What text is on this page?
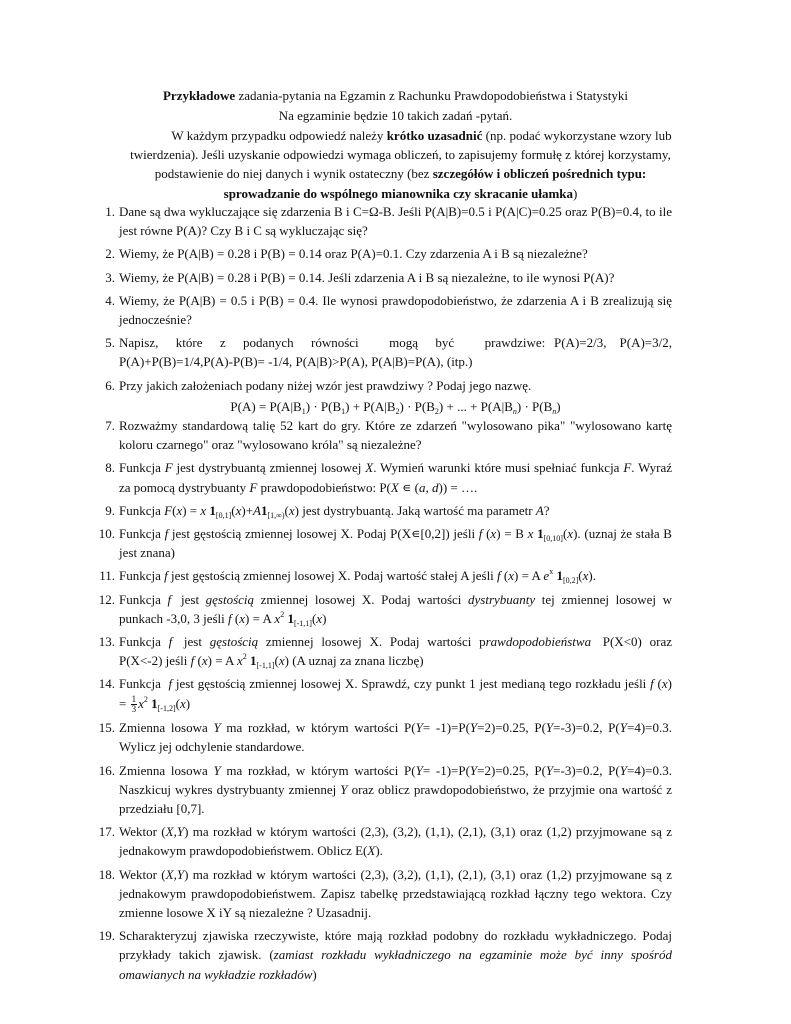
Przykładowe zadania-pytania na Egzamin z Rachunku Prawdopodobieństwa i Statystyki
Na egzaminie będzie 10 takich zadań -pytań.
W każdym przypadku odpowiedź należy krótko uzasadnić (np. podać wykorzystane wzory lub twierdzenia). Jeśli uzyskanie odpowiedzi wymaga obliczeń, to zapisujemy formułę z której korzystamy, podstawienie do niej danych i wynik ostateczny (bez szczegółów i obliczeń pośrednich typu: sprowadzanie do wspólnego mianownika czy skracanie ułamka)
1. Dane są dwa wykluczające się zdarzenia B i C=Ω-B. Jeśli P(A|B)=0.5 i P(A|C)=0.25 oraz P(B)=0.4, to ile jest równe P(A)? Czy B i C są wykluczając się?
2. Wiemy, że P(A|B) = 0.28 i P(B) = 0.14 oraz P(A)=0.1. Czy zdarzenia A i B są niezależne?
3. Wiemy, że P(A|B) = 0.28 i P(B) = 0.14. Jeśli zdarzenia A i B są niezależne, to ile wynosi P(A)?
4. Wiemy, że P(A|B) = 0.5 i P(B) = 0.4. Ile wynosi prawdopodobieństwo, że zdarzenia A i B zrealizują się jednocześnie?
5. Napisz,    które    z    podanych    równości       mogą    być       prawdziwe:  P(A)=2/3,   P(A)=3/2, P(A)+P(B)=1/4,P(A)-P(B)= -1/4, P(A|B)>P(A), P(A|B)=P(A), (itp.)
6. Przy jakich założeniach podany niżej wzór jest prawdziwy ? Podaj jego nazwę.
$P(A) = P(A|B_1) \cdot P(B_1) + P(A|B_2) \cdot P(B_2)$ + ... + $P(A|B_n) \cdot P(B_n)$
7. Rozważmy standardową talię 52 kart do gry. Które ze zdarzeń "wylosowano pika" "wylosowano kartę koloru czarnego" oraz "wylosowano króla" są niezależne?
8. Funkcja F jest dystrybuantą zmiennej losowej X. Wymień warunki które musi spełniać funkcja F. Wyraź za pomocą dystrybuanty F prawdopodobieństwo: P(X ∊ (a, d)) = ….
9. Funkcja F(x) = x $1_{[0,1]}(x)+A1_{[1,\infty)}(x)$ jest dystrybuantą. Jaką wartość ma parametr A?
10. Funkcja f jest gęstością zmiennej losowej X. Podaj P(X∊[0,2]) jeśli f (x) = B x $1_{[0,10]}(x)$. (uznaj że stała B jest znana)
11. Funkcja f jest gęstością zmiennej losowej X. Podaj wartość stałej A jeśli f (x) = A $e^x$ $1_{[0,2]}(x)$.
12. Funkcja  f   jest  gęstością  zmiennej  losowej  X.  Podaj  wartości  dystrybuanty  tej  zmiennej  losowej  w punkach -3,0, 3 jeśli f (x) = A $x^2$ $1_{[-1,1]}(x)$
13. Funkcja  f   jest  gęstością  zmiennej  losowej  X.  Podaj  wartości  prawdopodobieństwa   P(X<0)  oraz P(X<-2) jeśli f (x) = A $x^2$ $1_{[-1,1]}(x)$ (A uznaj za znana liczbę)
14. Funkcja  f jest gęstością zmiennej losowej X. Sprawdź, czy punkt 1 jest medianą tego rozkładu jeśli f $(x) = \frac{1}{3} x^2$ $1_{[-1,2]}(x)$
15. Zmienna losowa Y ma rozkład, w którym wartości P(Y= -1)=P(Y=2)=0.25, P(Y=-3)=0.2, P(Y=4)=0.3. Wylicz jej odchylenie standardowe.
16. Zmienna losowa Y ma rozkład, w którym wartości P(Y= -1)=P(Y=2)=0.25, P(Y=-3)=0.2, P(Y=4)=0.3. Naszkicuj wykres dystrybuanty zmiennej Y oraz oblicz prawdopodobieństwo, że przyjmie ona wartość z przedziału [0,7].
17. Wektor (X,Y) ma rozkład w którym wartości (2,3), (3,2), (1,1), (2,1), (3,1) oraz (1,2) przyjmowane są z jednakowym prawdopodobieństwem. Oblicz E(X).
18. Wektor (X,Y) ma rozkład w którym wartości (2,3), (3,2), (1,1), (2,1), (3,1) oraz (1,2) przyjmowane są z jednakowym prawdopodobieństwem. Zapisz tabelkę przedstawiającą rozkład łączny tego wektora. Czy zmienne losowe X iY są niezależne ? Uzasadnij.
19. Scharakteryzuj zjawiska rzeczywiste, które mają rozkład podobny do rozkładu wykładniczego. Podaj przykłady takich zjawisk. (zamiast rozkładu wykładniczego na egzaminie może być inny spośród omawianych na wykładzie rozkładów)
